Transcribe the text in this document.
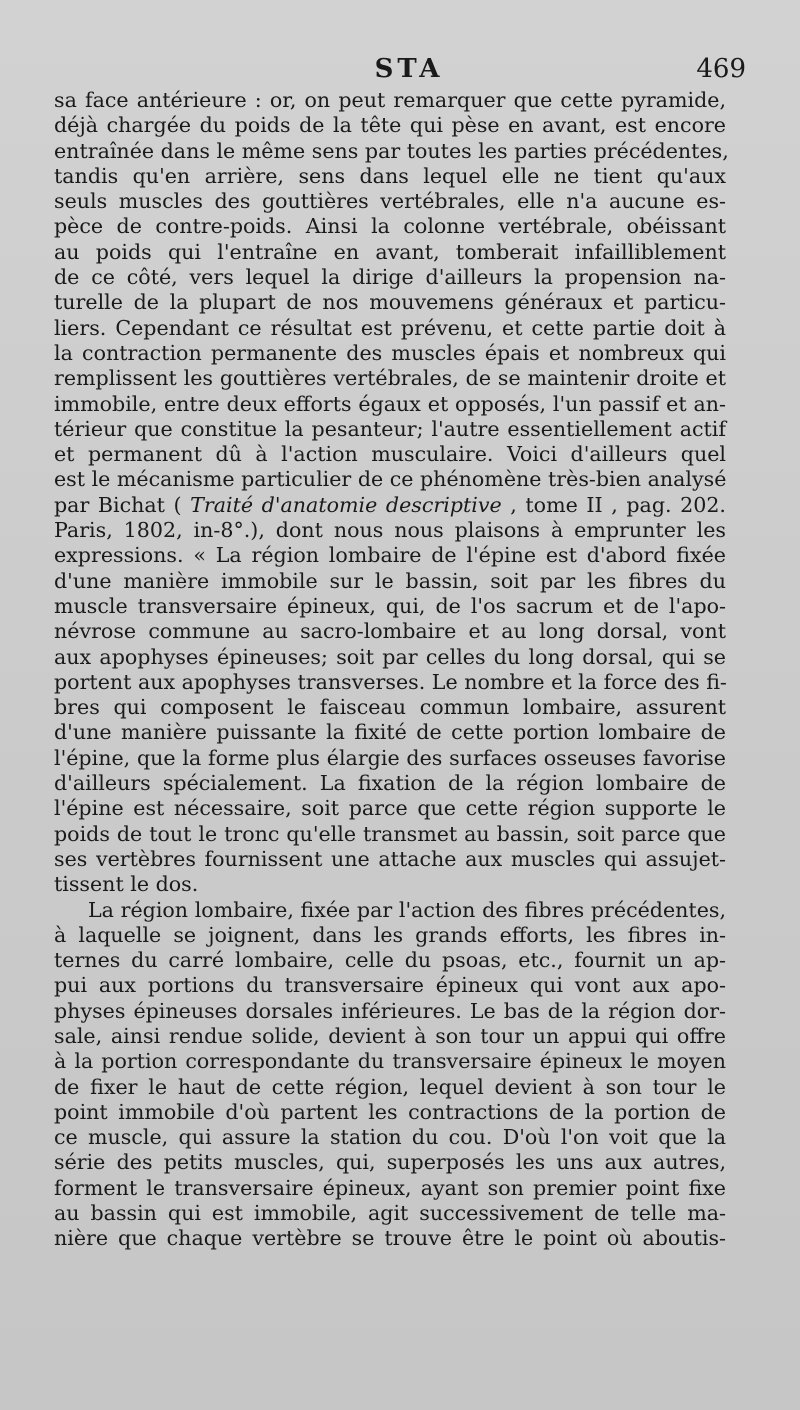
STA	469

sa face antérieure : or, on peut remarquer que cette pyramide,
déjà chargée du poids de la tête qui pèse en avant, est encore
entraînée dans le même sens par toutes les parties précédentes,
tandis qu'en arrière, sens dans lequel elle ne tient qu'aux
seuls muscles des gouttières vertébrales, elle n'a aucune es-
pèce de contre-poids. Ainsi la colonne vertébrale, obéissant
au poids qui l'entraîne en avant, tomberait infailliblement
de ce côté, vers lequel la dirige d'ailleurs la propension na-
turelle de la plupart de nos mouvemens généraux et particu-
liers. Cependant ce résultat est prévenu, et cette partie doit à
la contraction permanente des muscles épais et nombreux qui
remplissent les gouttières vertébrales, de se maintenir droite et
immobile, entre deux efforts égaux et opposés, l'un passif et an-
térieur que constitue la pesanteur; l'autre essentiellement actif
et permanent dû à l'action musculaire. Voici d'ailleurs quel
est le mécanisme particulier de ce phénomène très-bien analysé
par Bichat ( Traité d'anatomie descriptive , tome II , pag. 202.
Paris, 1802, in-8°.), dont nous nous plaisons à emprunter les
expressions. « La région lombaire de l'épine est d'abord fixée
d'une manière immobile sur le bassin, soit par les fibres du
muscle transversaire épineux, qui, de l'os sacrum et de l'apo-
névrose commune au sacro-lombaire et au long dorsal, vont
aux apophyses épineuses; soit par celles du long dorsal, qui se
portent aux apophyses transverses. Le nombre et la force des fi-
bres qui composent le faisceau commun lombaire, assurent
d'une manière puissante la fixité de cette portion lombaire de
l'épine, que la forme plus élargie des surfaces osseuses favorise
d'ailleurs spécialement. La fixation de la région lombaire de
l'épine est nécessaire, soit parce que cette région supporte le
poids de tout le tronc qu'elle transmet au bassin, soit parce que
ses vertèbres fournissent une attache aux muscles qui assujet-
tissent le dos.

La région lombaire, fixée par l'action des fibres précédentes,
à laquelle se joignent, dans les grands efforts, les fibres in-
ternes du carré lombaire, celle du psoas, etc., fournit un ap-
pui aux portions du transversaire épineux qui vont aux apo-
physes épineuses dorsales inférieures. Le bas de la région dor-
sale, ainsi rendue solide, devient à son tour un appui qui offre
à la portion correspondante du transversaire épineux le moyen
de fixer le haut de cette région, lequel devient à son tour le
point immobile d'où partent les contractions de la portion de
ce muscle, qui assure la station du cou. D'où l'on voit que la
série des petits muscles, qui, superposés les uns aux autres,
forment le transversaire épineux, ayant son premier point fixe
au bassin qui est immobile, agit successivement de telle ma-
nière que chaque vertèbre se trouve être le point où aboutis-
